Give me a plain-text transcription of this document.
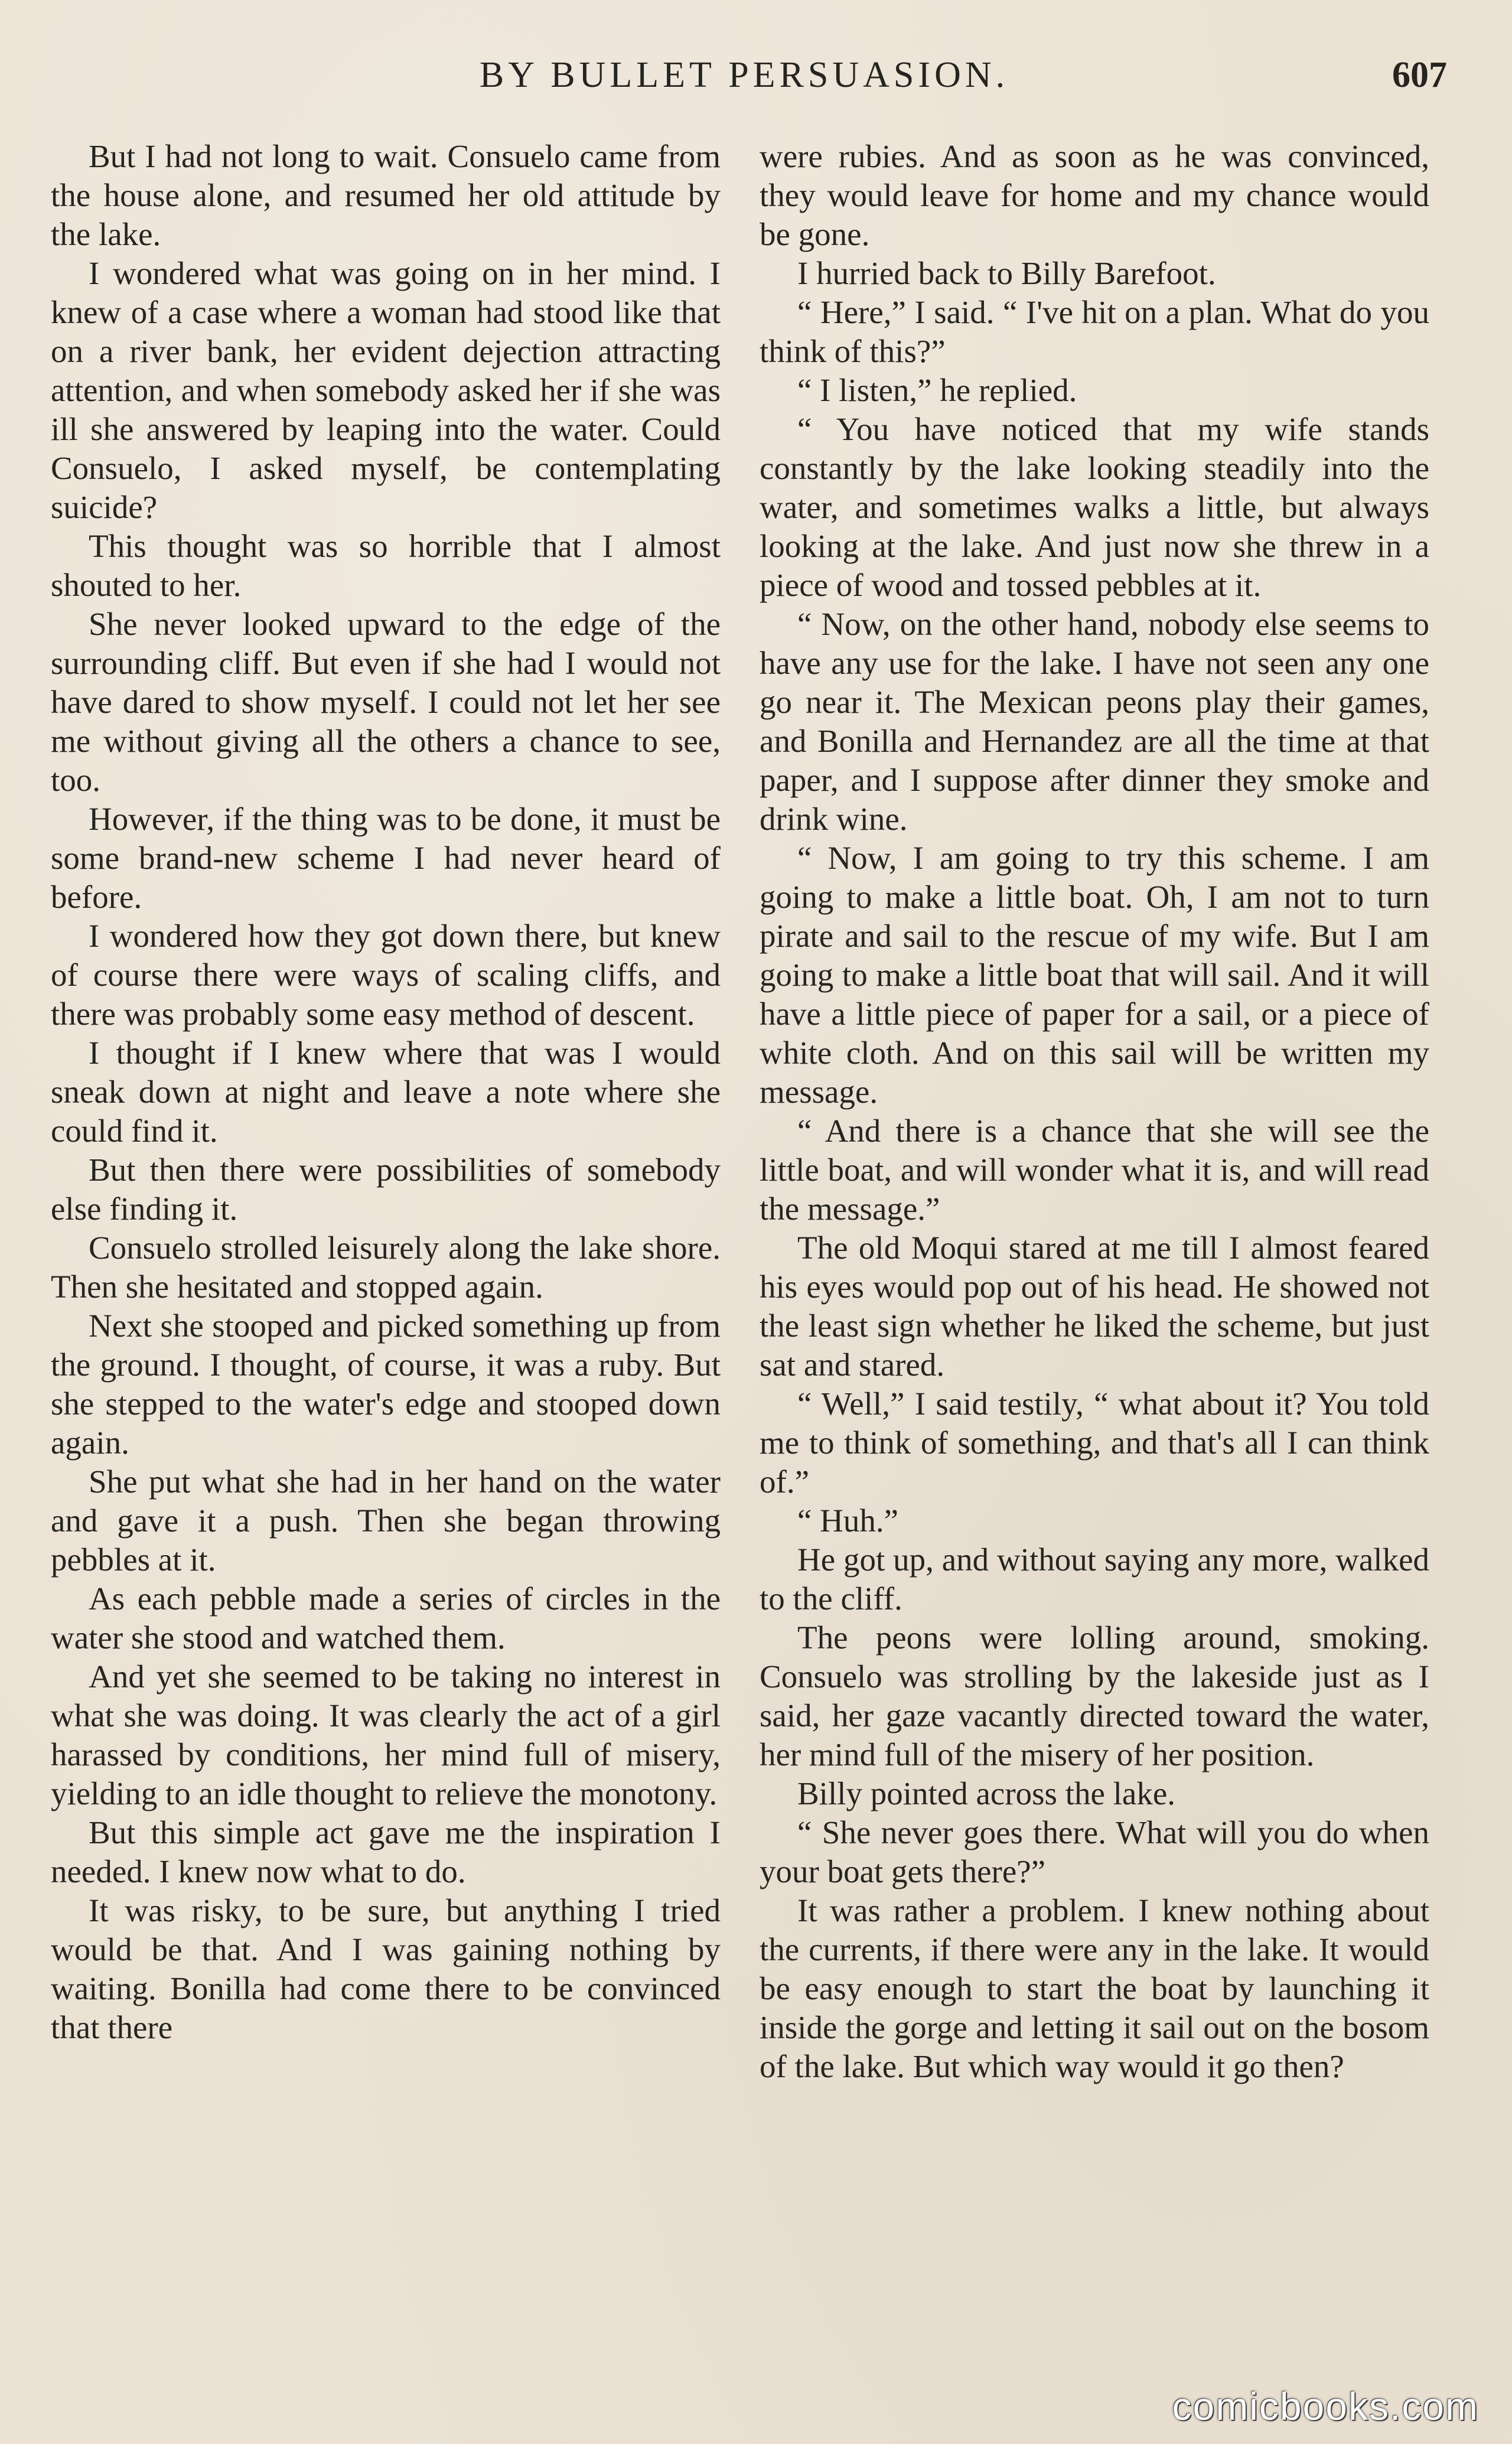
BY BULLET PERSUASION.	607

But I had not long to wait. Consuelo came from the house alone, and resumed her old attitude by the lake.

I wondered what was going on in her mind. I knew of a case where a woman had stood like that on a river bank, her evident dejection attracting attention, and when somebody asked her if she was ill she answered by leaping into the water. Could Consuelo, I asked myself, be contemplating suicide?

This thought was so horrible that I almost shouted to her.

She never looked upward to the edge of the surrounding cliff. But even if she had I would not have dared to show myself. I could not let her see me without giving all the others a chance to see, too.

However, if the thing was to be done, it must be some brand-new scheme I had never heard of before.

I wondered how they got down there, but knew of course there were ways of scaling cliffs, and there was probably some easy method of descent.

I thought if I knew where that was I would sneak down at night and leave a note where she could find it.

But then there were possibilities of somebody else finding it.

Consuelo strolled leisurely along the lake shore. Then she hesitated and stopped again.

Next she stooped and picked something up from the ground. I thought, of course, it was a ruby. But she stepped to the water's edge and stooped down again.

She put what she had in her hand on the water and gave it a push. Then she began throwing pebbles at it.

As each pebble made a series of circles in the water she stood and watched them.

And yet she seemed to be taking no interest in what she was doing. It was clearly the act of a girl harassed by conditions, her mind full of misery, yielding to an idle thought to relieve the monotony.

But this simple act gave me the inspiration I needed. I knew now what to do.

It was risky, to be sure, but anything I tried would be that. And I was gaining nothing by waiting. Bonilla had come there to be convinced that there

were rubies. And as soon as he was convinced, they would leave for home and my chance would be gone.

I hurried back to Billy Barefoot.

“ Here,” I said. “ I've hit on a plan. What do you think of this?”

“ I listen,” he replied.

“ You have noticed that my wife stands constantly by the lake looking steadily into the water, and sometimes walks a little, but always looking at the lake. And just now she threw in a piece of wood and tossed pebbles at it.

“ Now, on the other hand, nobody else seems to have any use for the lake. I have not seen any one go near it. The Mexican peons play their games, and Bonilla and Hernandez are all the time at that paper, and I suppose after dinner they smoke and drink wine.

“ Now, I am going to try this scheme. I am going to make a little boat. Oh, I am not to turn pirate and sail to the rescue of my wife. But I am going to make a little boat that will sail. And it will have a little piece of paper for a sail, or a piece of white cloth. And on this sail will be written my message.

“ And there is a chance that she will see the little boat, and will wonder what it is, and will read the message.”

The old Moqui stared at me till I almost feared his eyes would pop out of his head. He showed not the least sign whether he liked the scheme, but just sat and stared.

“ Well,” I said testily, “ what about it? You told me to think of something, and that's all I can think of.”

“ Huh.”

He got up, and without saying any more, walked to the cliff.

The peons were lolling around, smoking. Consuelo was strolling by the lakeside just as I said, her gaze vacantly directed toward the water, her mind full of the misery of her position.

Billy pointed across the lake.

“ She never goes there. What will you do when your boat gets there?”

It was rather a problem. I knew nothing about the currents, if there were any in the lake. It would be easy enough to start the boat by launching it inside the gorge and letting it sail out on the bosom of the lake. But which way would it go then?

comicbooks.com
